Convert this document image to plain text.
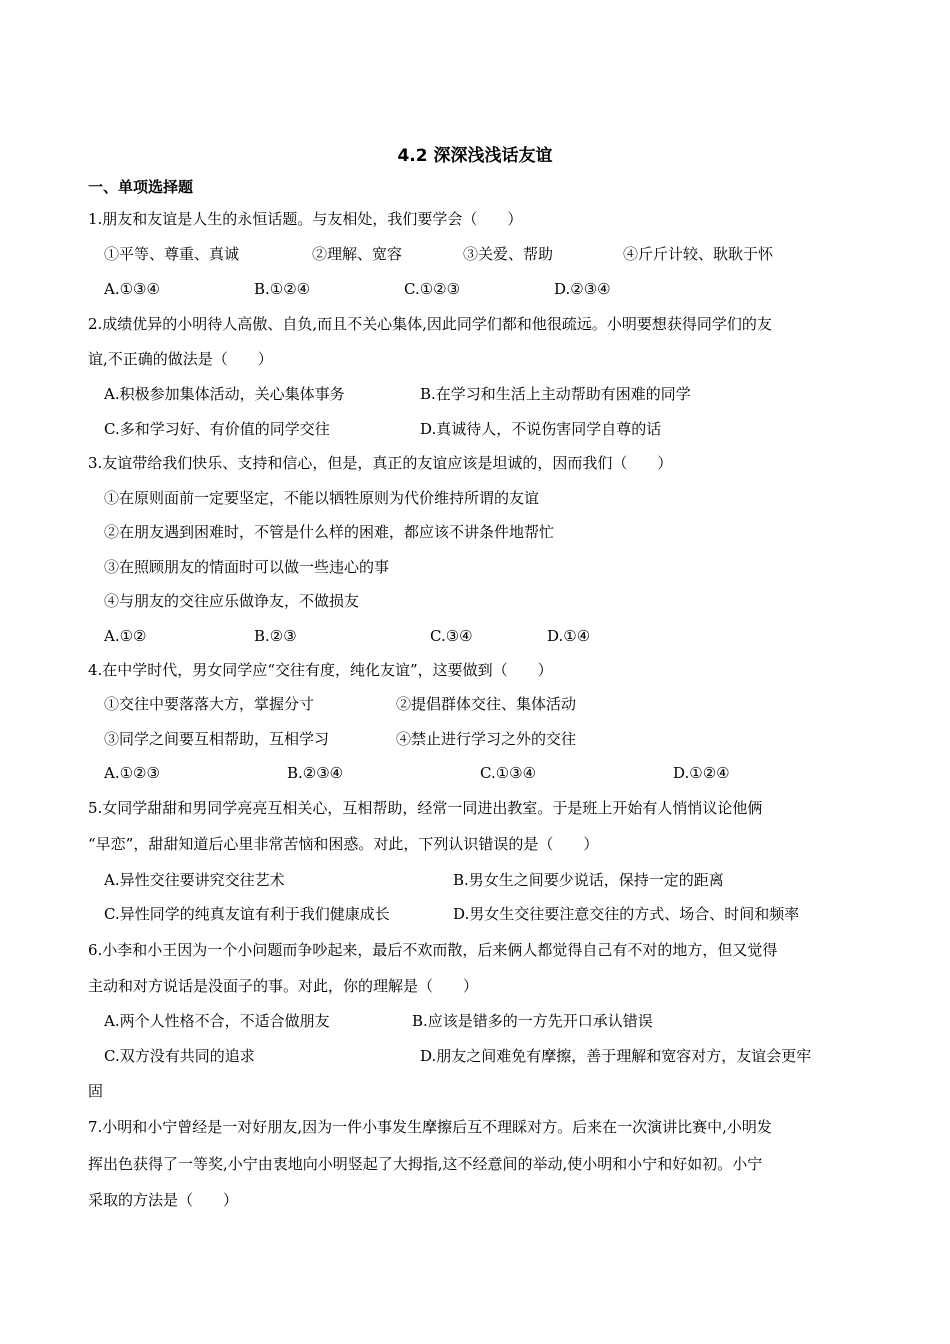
4.2 深深浅浅话友谊
一、单项选择题
1.朋友和友谊是人生的永恒话题。与友相处，我们要学会（　　）
①平等、尊重、真诚	②理解、宽容	③关爱、帮助	④斤斤计较、耿耿于怀
A.①③④	B.①②④	C.①②③	D.②③④
2.成绩优异的小明待人高傲、自负,而且不关心集体,因此同学们都和他很疏远。小明要想获得同学们的友
谊,不正确的做法是（　　）
A.积极参加集体活动，关心集体事务	B.在学习和生活上主动帮助有困难的同学
C.多和学习好、有价值的同学交往	D.真诚待人，不说伤害同学自尊的话
3.友谊带给我们快乐、支持和信心，但是，真正的友谊应该是坦诚的，因而我们（　　）
①在原则面前一定要坚定，不能以牺牲原则为代价维持所谓的友谊
②在朋友遇到困难时，不管是什么样的困难，都应该不讲条件地帮忙
③在照顾朋友的情面时可以做一些违心的事
④与朋友的交往应乐做诤友，不做损友
A.①②	B.②③	C.③④	D.①④
4.在中学时代，男女同学应“交往有度，纯化友谊”，这要做到（　　）
①交往中要落落大方，掌握分寸	②提倡群体交往、集体活动
③同学之间要互相帮助，互相学习	④禁止进行学习之外的交往
A.①②③	B.②③④	C.①③④	D.①②④
5.女同学甜甜和男同学亮亮互相关心，互相帮助，经常一同进出教室。于是班上开始有人悄悄议论他俩
“早恋”，甜甜知道后心里非常苦恼和困惑。对此，下列认识错误的是（　　）
A.异性交往要讲究交往艺术	B.男女生之间要少说话，保持一定的距离
C.异性同学的纯真友谊有利于我们健康成长	D.男女生交往要注意交往的方式、场合、时间和频率
6.小李和小王因为一个小问题而争吵起来，最后不欢而散，后来俩人都觉得自己有不对的地方，但又觉得
主动和对方说话是没面子的事。对此，你的理解是（　　）
A.两个人性格不合，不适合做朋友	B.应该是错多的一方先开口承认错误
C.双方没有共同的追求	D.朋友之间难免有摩擦，善于理解和宽容对方，友谊会更牢
固
7.小明和小宁曾经是一对好朋友,因为一件小事发生摩擦后互不理睬对方。后来在一次演讲比赛中,小明发
挥出色获得了一等奖,小宁由衷地向小明竖起了大拇指,这不经意间的举动,使小明和小宁和好如初。小宁
采取的方法是（　　）
